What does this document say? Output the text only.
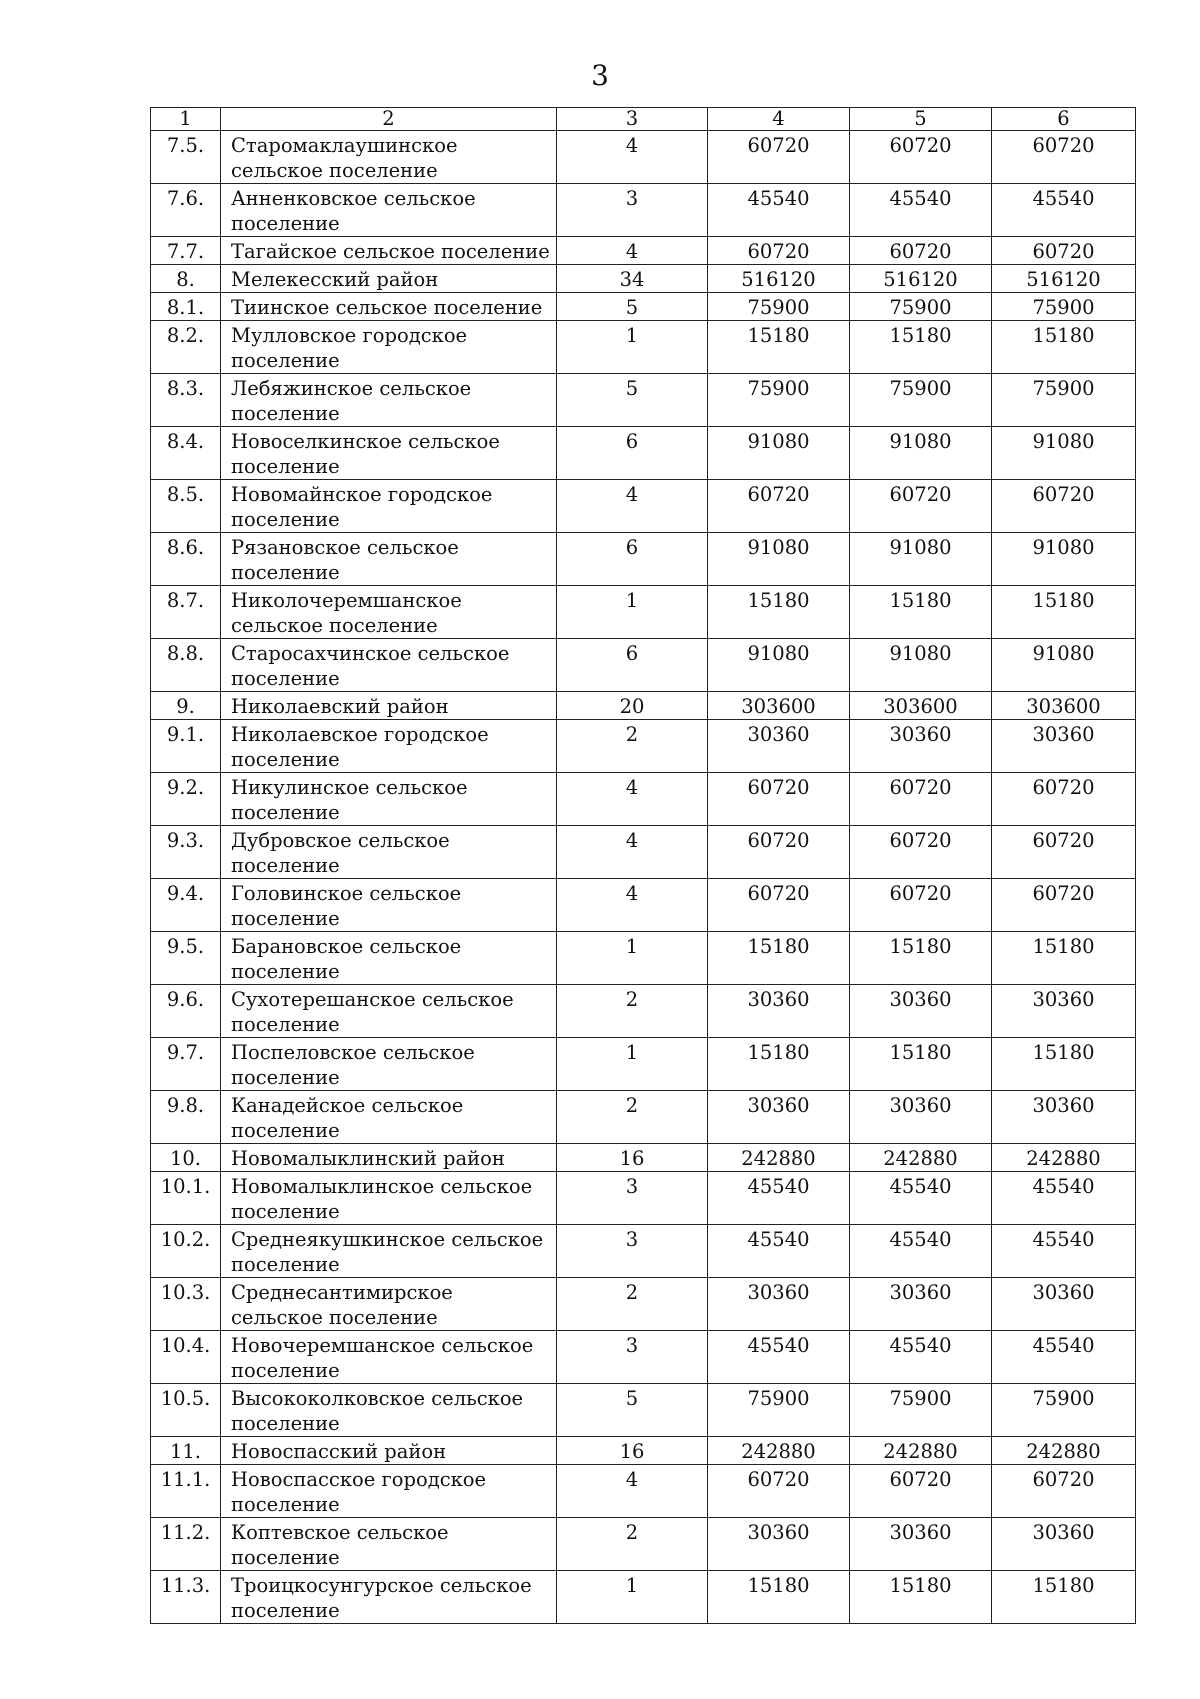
3
1	2	3	4	5	6
7.5.	Старомаклаушинское сельское поселение	4	60720	60720	60720
7.6.	Анненковское сельское поселение	3	45540	45540	45540
7.7.	Тагайское сельское поселение	4	60720	60720	60720
8.	Мелекесский район	34	516120	516120	516120
8.1.	Тиинское сельское поселение	5	75900	75900	75900
8.2.	Мулловское городское поселение	1	15180	15180	15180
8.3.	Лебяжинское сельское поселение	5	75900	75900	75900
8.4.	Новоселкинское сельское поселение	6	91080	91080	91080
8.5.	Новомайнское городское поселение	4	60720	60720	60720
8.6.	Рязановское сельское поселение	6	91080	91080	91080
8.7.	Николочеремшанское сельское поселение	1	15180	15180	15180
8.8.	Старосахчинское сельское поселение	6	91080	91080	91080
9.	Николаевский район	20	303600	303600	303600
9.1.	Николаевское городское поселение	2	30360	30360	30360
9.2.	Никулинское сельское поселение	4	60720	60720	60720
9.3.	Дубровское сельское поселение	4	60720	60720	60720
9.4.	Головинское сельское поселение	4	60720	60720	60720
9.5.	Барановское сельское поселение	1	15180	15180	15180
9.6.	Сухотерешанское сельское поселение	2	30360	30360	30360
9.7.	Поспеловское сельское поселение	1	15180	15180	15180
9.8.	Канадейское сельское поселение	2	30360	30360	30360
10.	Новомалыклинский район	16	242880	242880	242880
10.1.	Новомалыклинское сельское поселение	3	45540	45540	45540
10.2.	Среднеякушкинское сельское поселение	3	45540	45540	45540
10.3.	Среднесантимирское сельское поселение	2	30360	30360	30360
10.4.	Новочеремшанское сельское поселение	3	45540	45540	45540
10.5.	Высококолковское сельское поселение	5	75900	75900	75900
11.	Новоспасский район	16	242880	242880	242880
11.1.	Новоспасское городское поселение	4	60720	60720	60720
11.2.	Коптевское сельское поселение	2	30360	30360	30360
11.3.	Троицкосунгурское сельское поселение	1	15180	15180	15180
